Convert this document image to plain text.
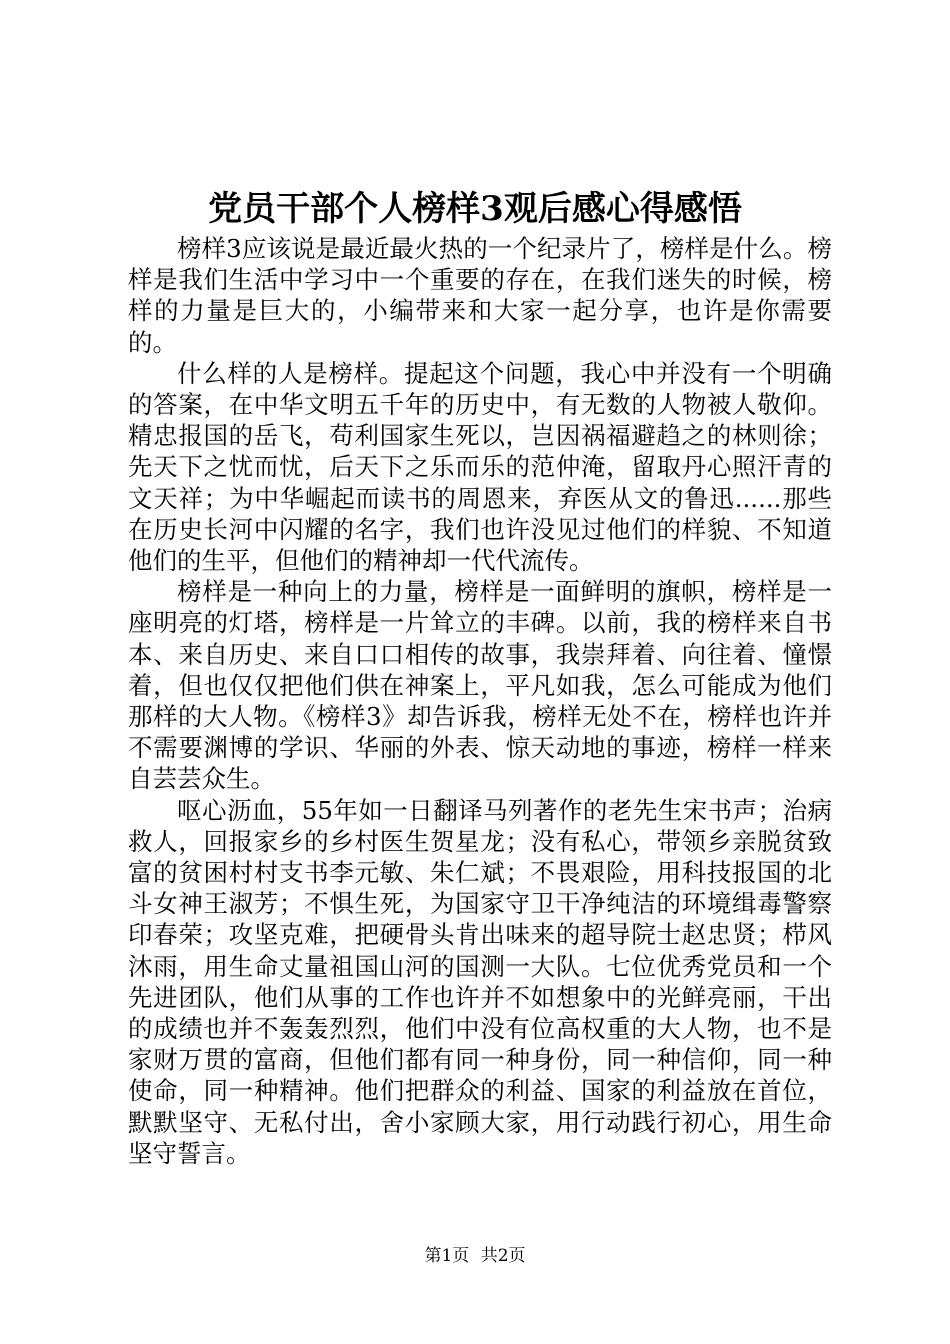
党员干部个人榜样3观后感心得感悟

榜样3应该说是最近最火热的一个纪录片了，榜样是什么。榜样是我们生活中学习中一个重要的存在，在我们迷失的时候，榜样的力量是巨大的，小编带来和大家一起分享，也许是你需要的。

什么样的人是榜样。提起这个问题，我心中并没有一个明确的答案，在中华文明五千年的历史中，有无数的人物被人敬仰。精忠报国的岳飞，苟利国家生死以，岂因祸福避趋之的林则徐；先天下之忧而忧，后天下之乐而乐的范仲淹，留取丹心照汗青的文天祥；为中华崛起而读书的周恩来，弃医从文的鲁迅......那些在历史长河中闪耀的名字，我们也许没见过他们的样貌、不知道他们的生平，但他们的精神却一代代流传。

榜样是一种向上的力量，榜样是一面鲜明的旗帜，榜样是一座明亮的灯塔，榜样是一片耸立的丰碑。以前，我的榜样来自书本、来自历史、来自口口相传的故事，我崇拜着、向往着、憧憬着，但也仅仅把他们供在神案上，平凡如我，怎么可能成为他们那样的大人物。《榜样3》却告诉我，榜样无处不在，榜样也许并不需要渊博的学识、华丽的外表、惊天动地的事迹，榜样一样来自芸芸众生。

呕心沥血，55年如一日翻译马列著作的老先生宋书声；治病救人，回报家乡的乡村医生贺星龙；没有私心，带领乡亲脱贫致富的贫困村村支书李元敏、朱仁斌；不畏艰险，用科技报国的北斗女神王淑芳；不惧生死，为国家守卫干净纯洁的环境缉毒警察印春荣；攻坚克难，把硬骨头肯出味来的超导院士赵忠贤；栉风沐雨，用生命丈量祖国山河的国测一大队。七位优秀党员和一个先进团队，他们从事的工作也许并不如想象中的光鲜亮丽，干出的成绩也并不轰轰烈烈，他们中没有位高权重的大人物，也不是家财万贯的富商，但他们都有同一种身份，同一种信仰，同一种使命，同一种精神。他们把群众的利益、国家的利益放在首位，默默坚守、无私付出，舍小家顾大家，用行动践行初心，用生命坚守誓言。

第1页 共2页
